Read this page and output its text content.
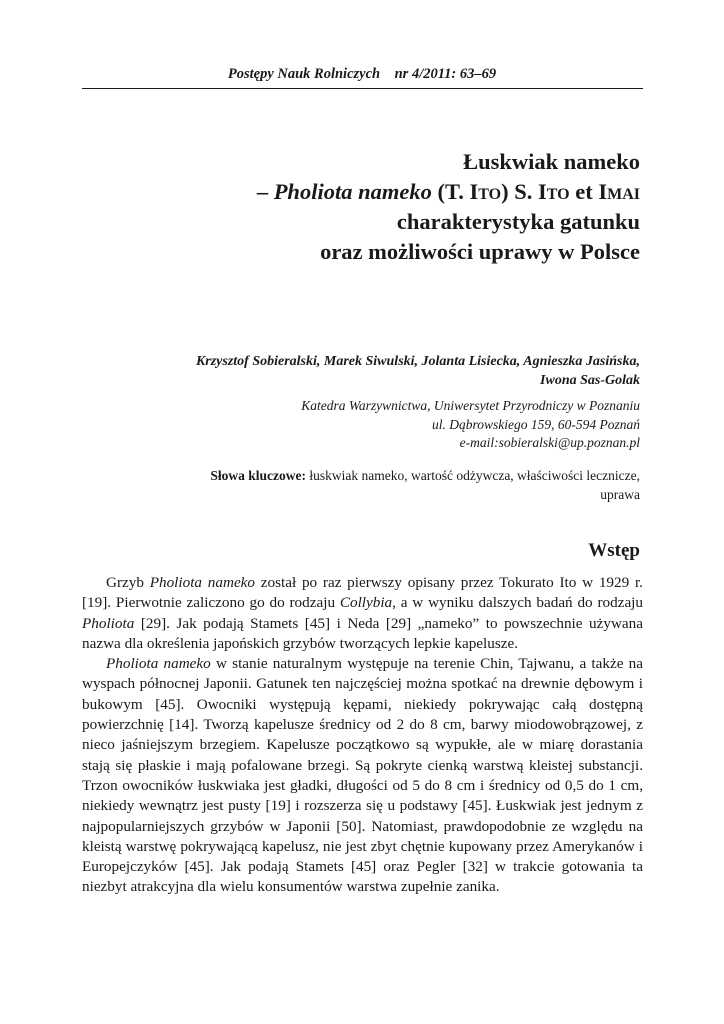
Postępy Nauk Rolniczych nr 4/2011: 63–69
Łuskwiak nameko
– Pholiota nameko (T. Ito) S. Ito et Imai
charakterystyka gatunku
oraz możliwości uprawy w Polsce
Krzysztof Sobieralski, Marek Siwulski, Jolanta Lisiecka, Agnieszka Jasińska,
Iwona Sas-Golak
Katedra Warzywnictwa, Uniwersytet Przyrodniczy w Poznaniu
ul. Dąbrowskiego 159, 60-594 Poznań
e-mail:sobieralski@up.poznan.pl
Słowa kluczowe: łuskwiak nameko, wartość odżywcza, właściwości lecznicze, uprawa
Wstęp

Grzyb Pholiota nameko został po raz pierwszy opisany przez Tokurato Ito w 1929 r. [19]. Pierwotnie zaliczono go do rodzaju Collybia, a w wyniku dalszych badań do rodzaju Pholiota [29]. Jak podają Stamets [45] i Neda [29] „nameko” to powszechnie używana nazwa dla określenia japońskich grzybów tworzących lepkie kapelusze.

Pholiota nameko w stanie naturalnym występuje na terenie Chin, Tajwanu, a także na wyspach północnej Japonii. Gatunek ten najczęściej można spotkać na drewnie dębowym i bukowym [45]. Owocniki występują kępami, niekiedy pokrywając całą dostępną powierzchnię [14]. Tworzą kapelusze średnicy od 2 do 8 cm, barwy miodowobrązowej, z nieco jaśniejszym brzegiem. Kapelusze początkowo są wypukłe, ale w miarę dorastania stają się płaskie i mają pofalowane brzegi. Są pokryte cienką warstwą kleistej substancji. Trzon owocników łuskwiaka jest gładki, długości od 5 do 8 cm i średnicy od 0,5 do 1 cm, niekiedy wewnątrz jest pusty [19] i rozszerza się u podstawy [45]. Łuskwiak jest jednym z najpopularniejszych grzybów w Japonii [50]. Natomiast, prawdopodobnie ze względu na kleistą warstwę pokrywającą kapelusz, nie jest zbyt chętnie kupowany przez Amerykanów i Europejczyków [45]. Jak podają Stamets [45] oraz Pegler [32] w trakcie gotowania ta niezbyt atrakcyjna dla wielu konsumentów warstwa zupełnie zanika.
